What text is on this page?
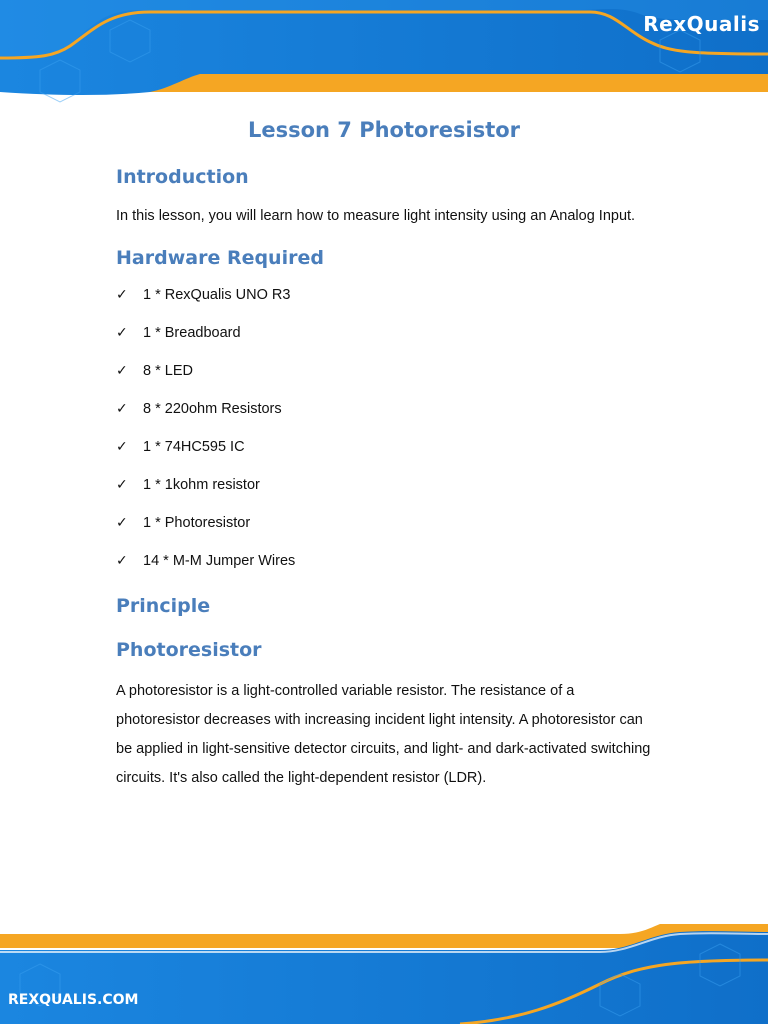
RexQualis
Lesson 7 Photoresistor
Introduction

In this lesson, you will learn how to measure light intensity using an Analog Input.

Hardware Required
✓	1 * RexQualis UNO R3
✓	1 * Breadboard
✓	8 * LED
✓	8 * 220ohm Resistors
✓	1 * 74HC595 IC
✓	1 * 1kohm resistor
✓	1 * Photoresistor
✓	14 * M-M Jumper Wires
Principle
Photoresistor

A photoresistor is a light-controlled variable resistor. The resistance of a photoresistor decreases with increasing incident light intensity. A photoresistor can be applied in light-sensitive detector circuits, and light- and dark-activated switching circuits. It's also called the light-dependent resistor (LDR).

REXQUALIS.COM
